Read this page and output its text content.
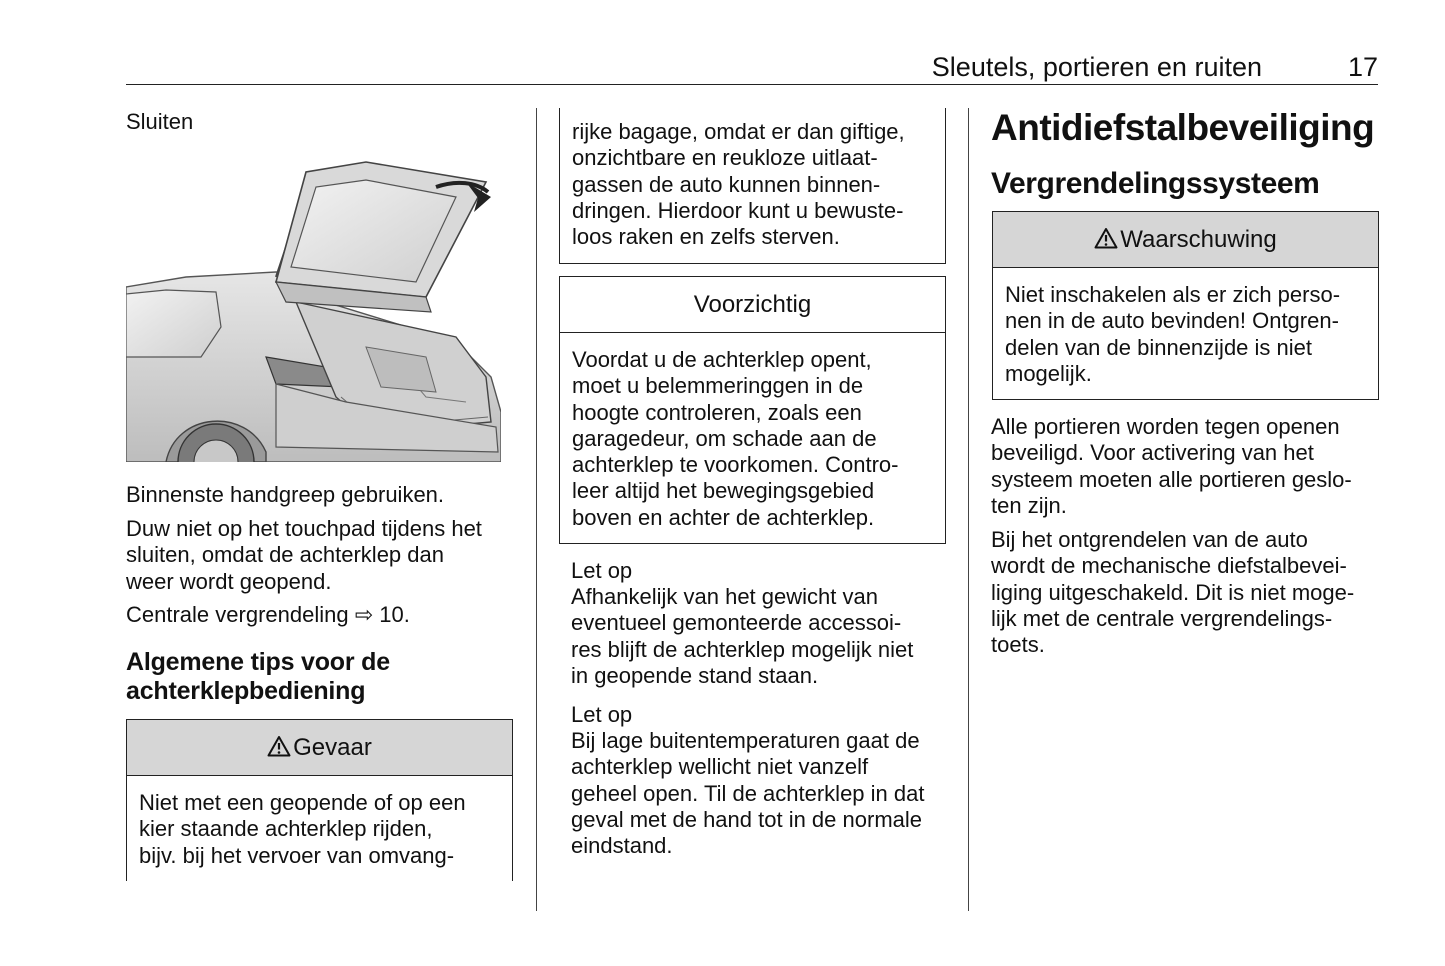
Sleutels, portieren en ruiten	17
Sluiten

Binnenste handgreep gebruiken.

Duw niet op het touchpad tijdens het
sluiten, omdat de achterklep dan
weer wordt geopend.

Centrale vergrendeling ⇨ 10.

Algemene tips voor de
achterklepbediening
Gevaar
Niet met een geopende of op een
kier staande achterklep rijden,
bijv. bij het vervoer van omvang-
rijke bagage, omdat er dan giftige,
onzichtbare en reukloze uitlaat-
gassen de auto kunnen binnen-
dringen. Hierdoor kunt u bewuste-
loos raken en zelfs sterven.
Voorzichtig
Voordat u de achterklep opent,
moet u belemmeringgen in de
hoogte controleren, zoals een
garagedeur, om schade aan de
achterklep te voorkomen. Contro-
leer altijd het bewegingsgebied
boven en achter de achterklep.
Let op

Afhankelijk van het gewicht van
eventueel gemonteerde accessoi-
res blijft de achterklep mogelijk niet
in geopende stand staan.

Let op

Bij lage buitentemperaturen gaat de
achterklep wellicht niet vanzelf
geheel open. Til de achterklep in dat
geval met de hand tot in de normale
eindstand.

Antidiefstalbeveiliging
Vergrendelingssysteem
Waarschuwing
Niet inschakelen als er zich perso-
nen in de auto bevinden! Ontgren-
delen van de binnenzijde is niet
mogelijk.

Alle portieren worden tegen openen
beveiligd. Voor activering van het
systeem moeten alle portieren geslo-
ten zijn.

Bij het ontgrendelen van de auto
wordt de mechanische diefstalbevei-
liging uitgeschakeld. Dit is niet moge-
lijk met de centrale vergrendelings-
toets.
